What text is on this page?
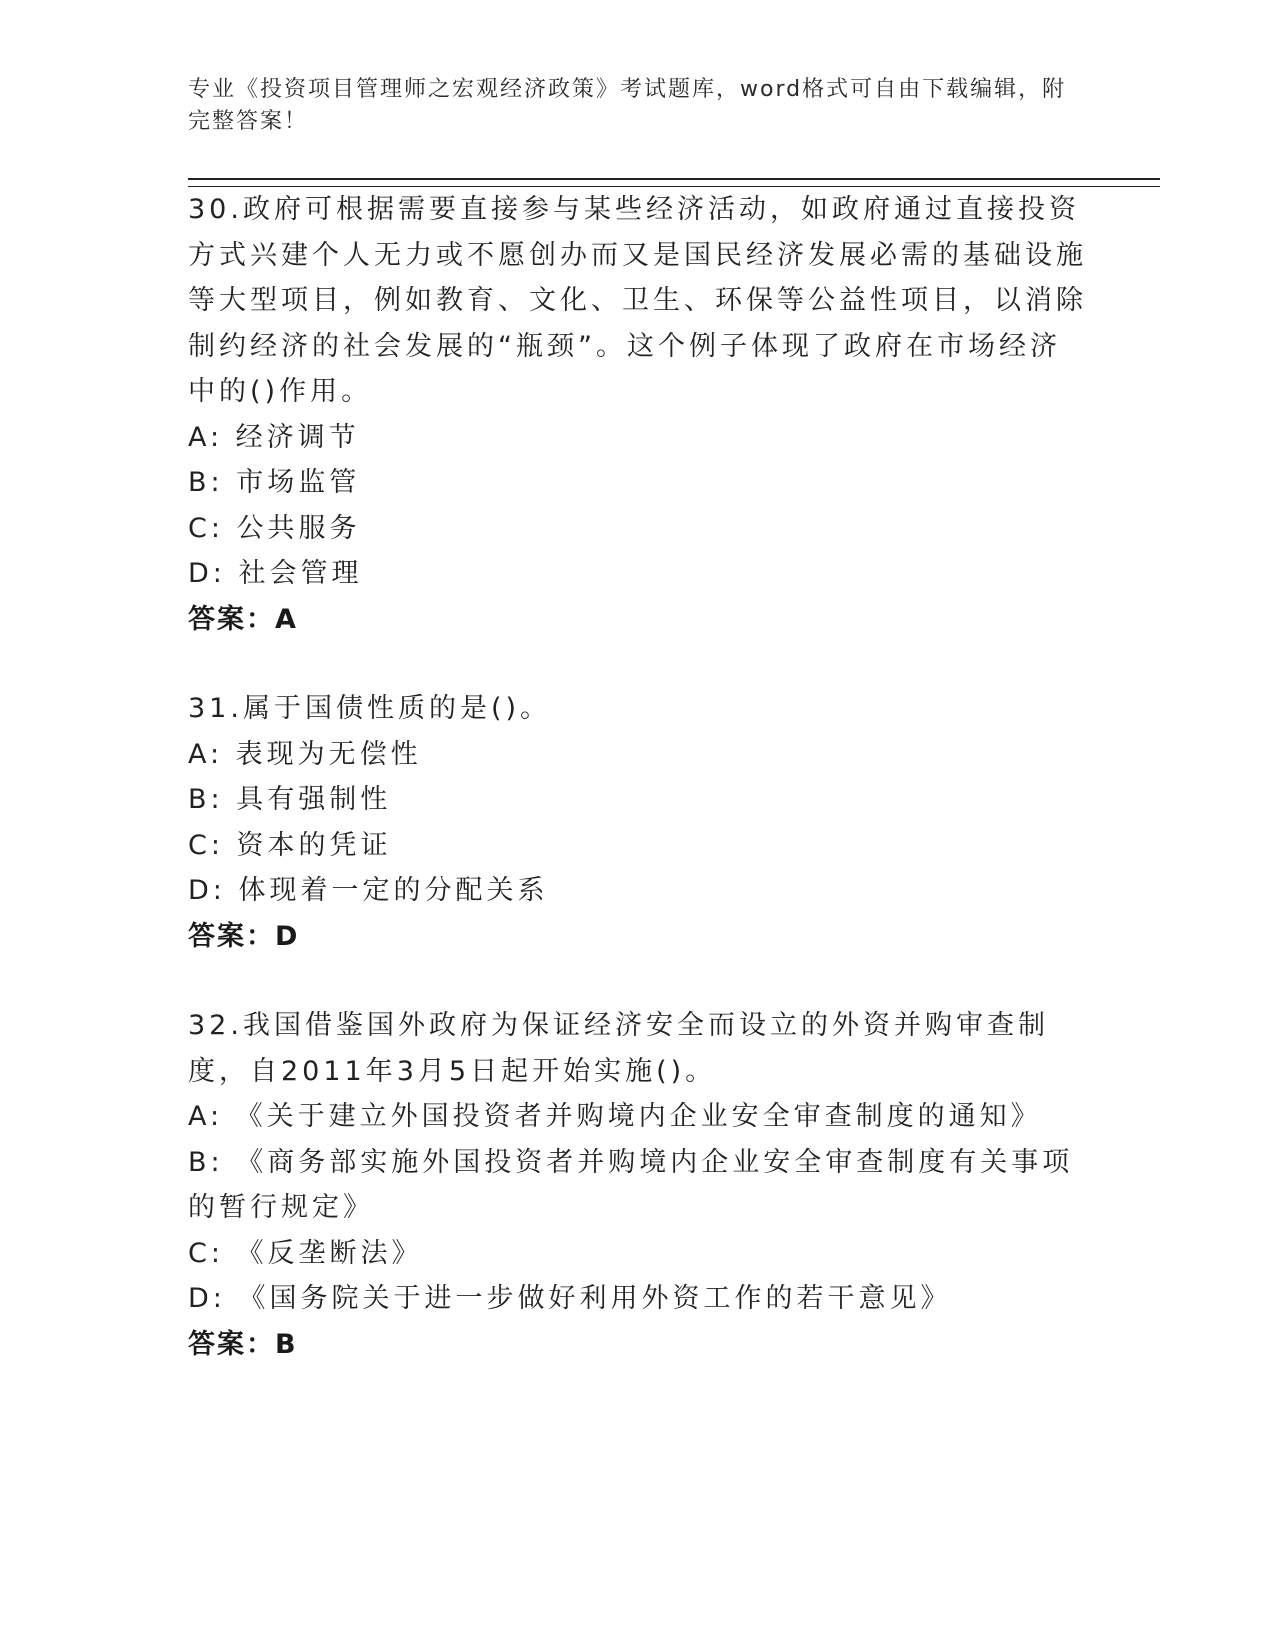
专业《投资项目管理师之宏观经济政策》考试题库，word格式可自由下载编辑，附完整答案！

30.政府可根据需要直接参与某些经济活动，如政府通过直接投资方式兴建个人无力或不愿创办而又是国民经济发展必需的基础设施等大型项目，例如教育、文化、卫生、环保等公益性项目，以消除制约经济的社会发展的“瓶颈”。这个例子体现了政府在市场经济中的()作用。

A: 经济调节
B: 市场监管
C: 公共服务
D: 社会管理
答案：A

31.属于国债性质的是()。

A: 表现为无偿性
B: 具有强制性
C: 资本的凭证
D: 体现着一定的分配关系
答案：D

32.我国借鉴国外政府为保证经济安全而设立的外资并购审查制度，自2011年3月5日起开始实施()。

A: 《关于建立外国投资者并购境内企业安全审查制度的通知》
B: 《商务部实施外国投资者并购境内企业安全审查制度有关事项的暂行规定》
C: 《反垄断法》
D: 《国务院关于进一步做好利用外资工作的若干意见》
答案：B
